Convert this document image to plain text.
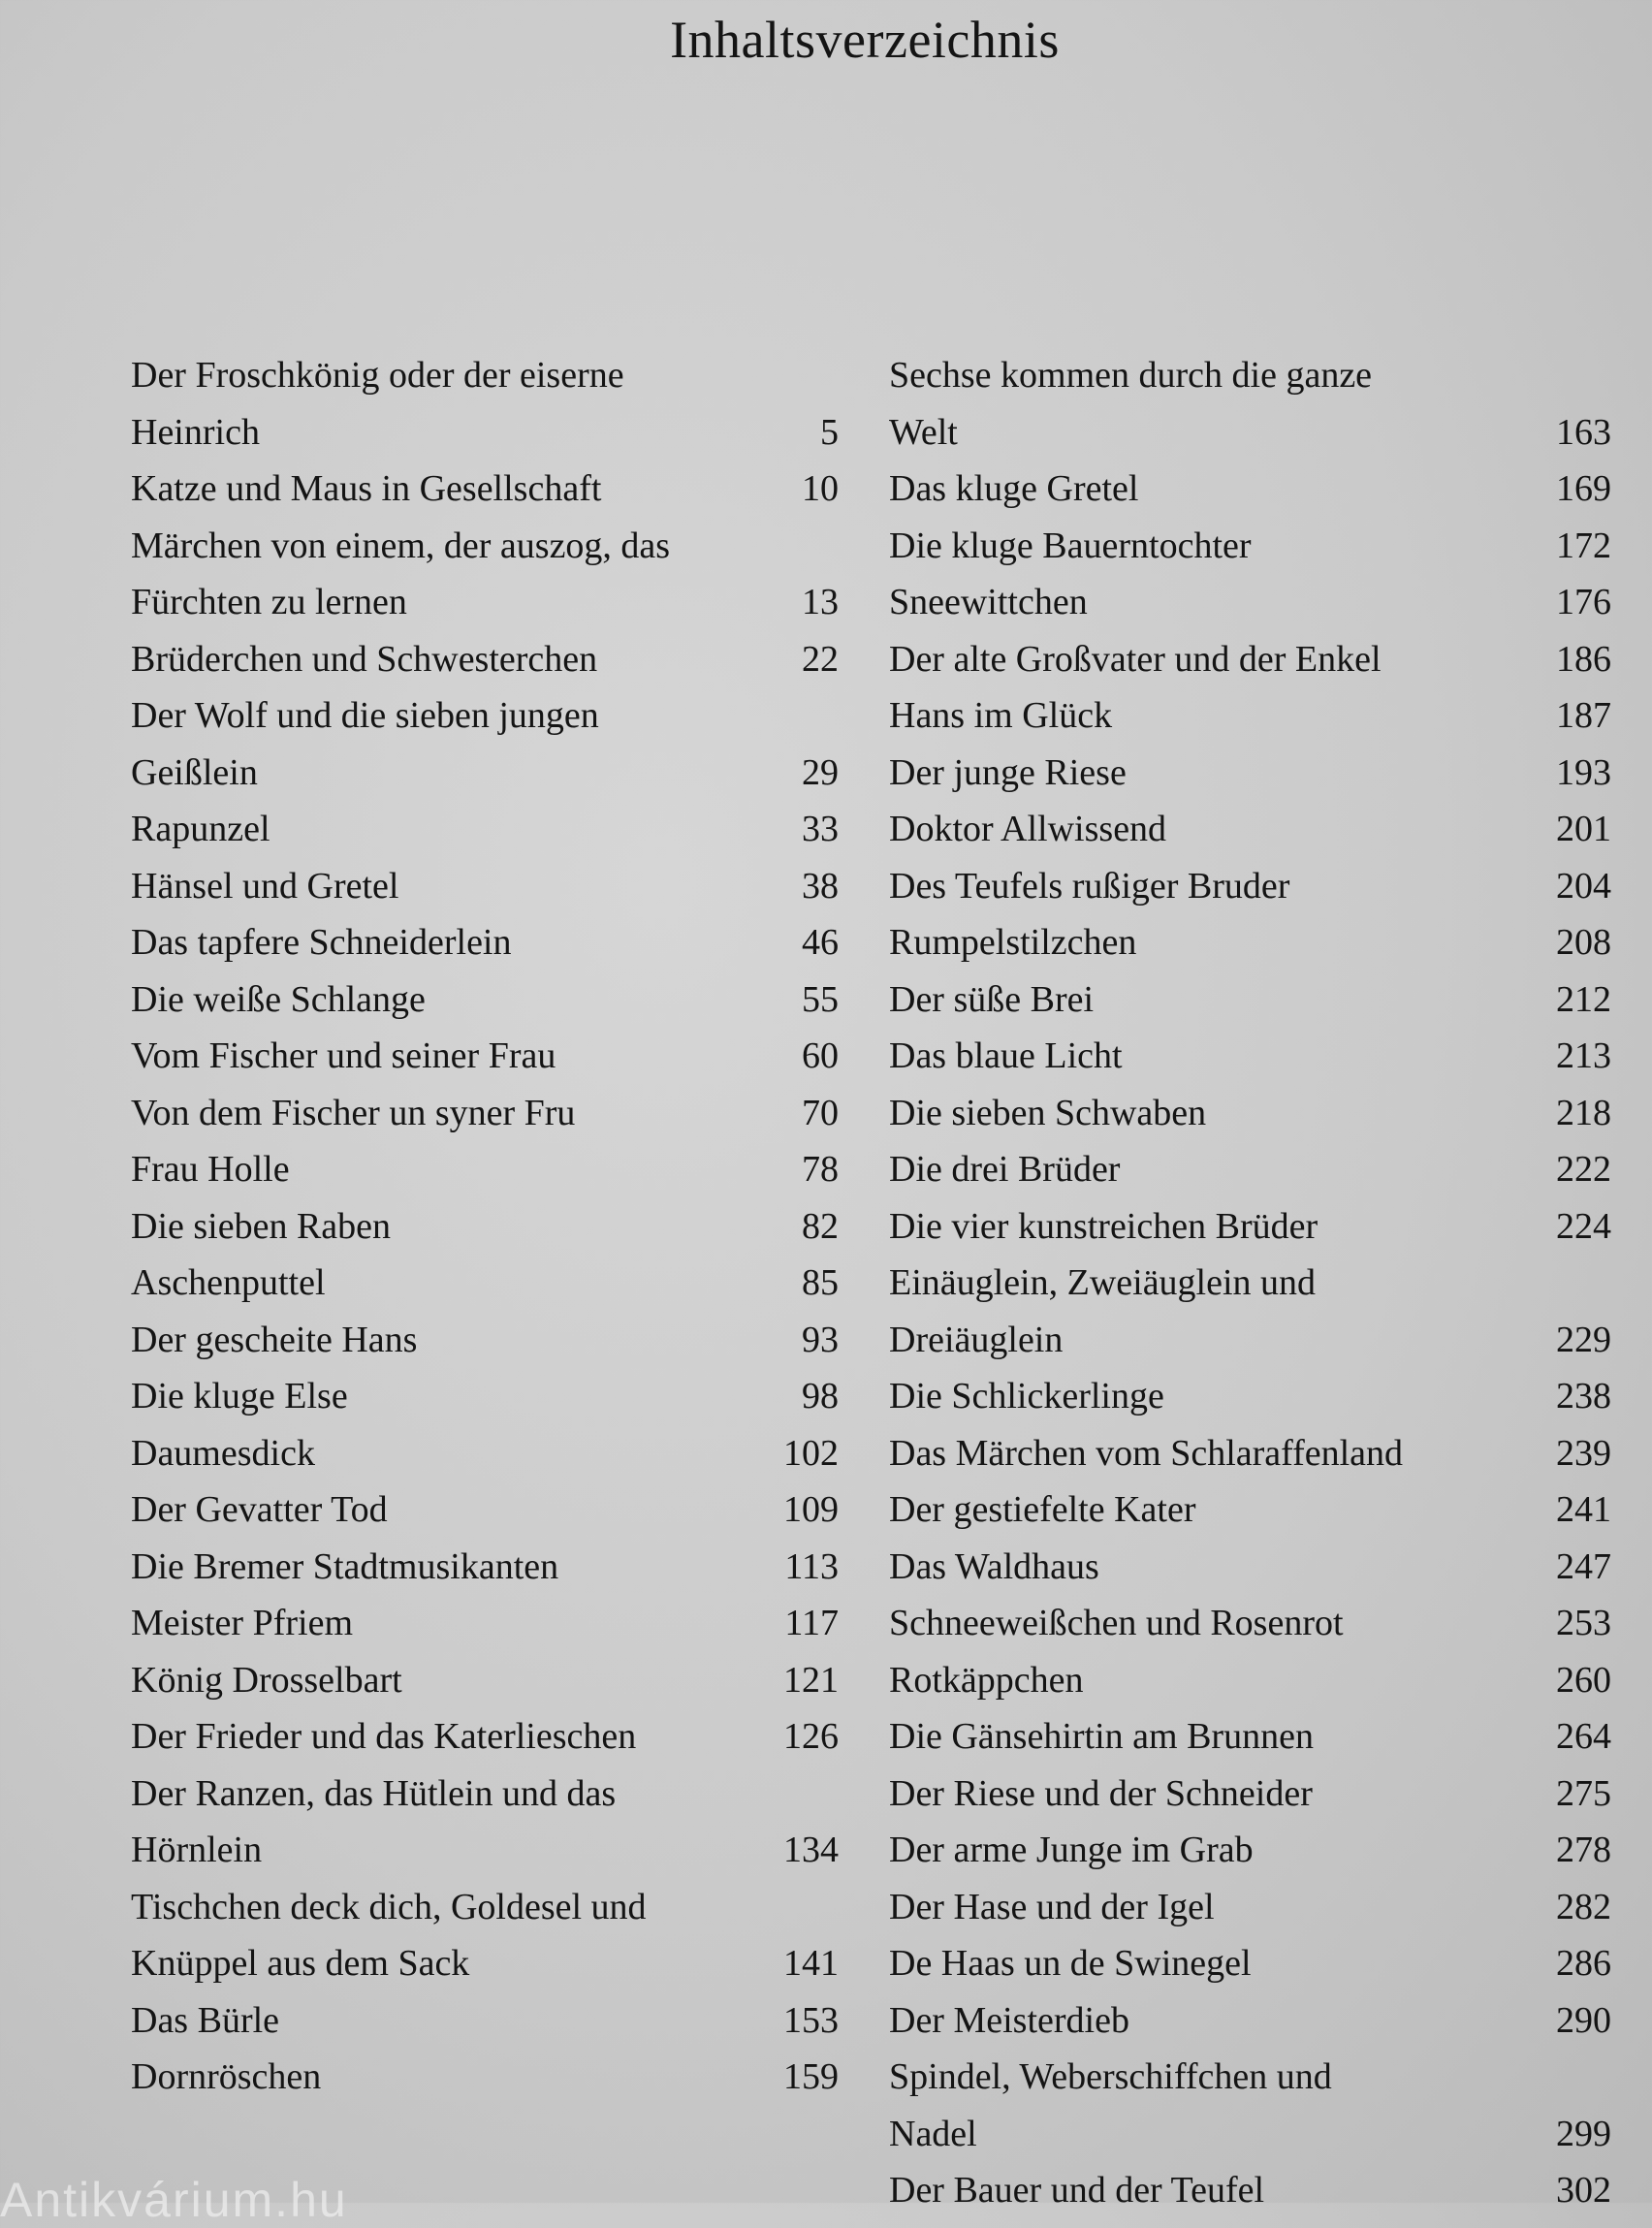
Inhaltsverzeichnis
Der Froschkönig oder der eiserne
Heinrich	5
Katze und Maus in Gesellschaft	10
Märchen von einem, der auszog, das
Fürchten zu lernen	13
Brüderchen und Schwesterchen	22
Der Wolf und die sieben jungen
Geißlein	29
Rapunzel	33
Hänsel und Gretel	38
Das tapfere Schneiderlein	46
Die weiße Schlange	55
Vom Fischer und seiner Frau	60
Von dem Fischer un syner Fru	70
Frau Holle	78
Die sieben Raben	82
Aschenputtel	85
Der gescheite Hans	93
Die kluge Else	98
Daumesdick	102
Der Gevatter Tod	109
Die Bremer Stadtmusikanten	113
Meister Pfriem	117
König Drosselbart	121
Der Frieder und das Katerlieschen	126
Der Ranzen, das Hütlein und das
Hörnlein	134
Tischchen deck dich, Goldesel und
Knüppel aus dem Sack	141
Das Bürle	153
Dornröschen	159
Sechse kommen durch die ganze
Welt	163
Das kluge Gretel	169
Die kluge Bauerntochter	172
Sneewittchen	176
Der alte Großvater und der Enkel	186
Hans im Glück	187
Der junge Riese	193
Doktor Allwissend	201
Des Teufels rußiger Bruder	204
Rumpelstilzchen	208
Der süße Brei	212
Das blaue Licht	213
Die sieben Schwaben	218
Die drei Brüder	222
Die vier kunstreichen Brüder	224
Einäuglein, Zweiäuglein und
Dreiäuglein	229
Die Schlickerlinge	238
Das Märchen vom Schlaraffenland	239
Der gestiefelte Kater	241
Das Waldhaus	247
Schneeweißchen und Rosenrot	253
Rotkäppchen	260
Die Gänsehirtin am Brunnen	264
Der Riese und der Schneider	275
Der arme Junge im Grab	278
Der Hase und der Igel	282
De Haas un de Swinegel	286
Der Meisterdieb	290
Spindel, Weberschiffchen und
Nadel	299
Der Bauer und der Teufel	302
Antikvárium.hu
